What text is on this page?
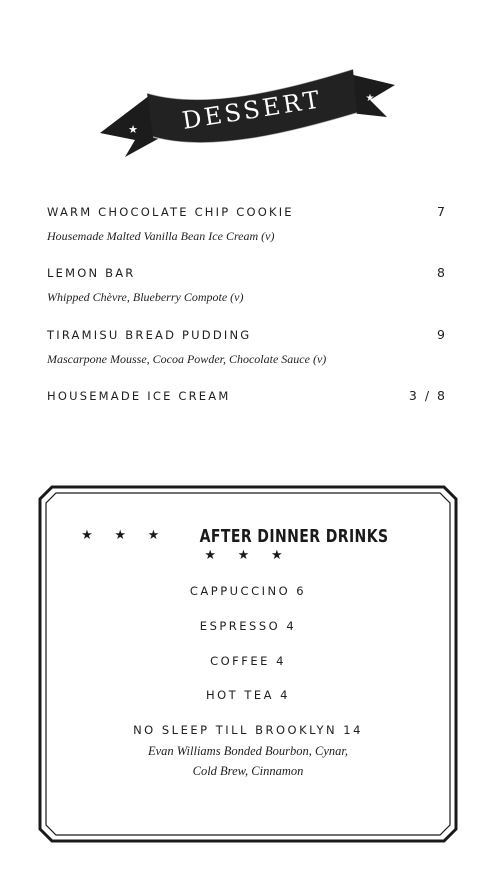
★
★
DESSERT
WARM CHOCOLATE CHIP COOKIE	7
Housemade Malted Vanilla Bean Ice Cream (v)
LEMON BAR	8
Whipped Chèvre, Blueberry Compote (v)
TIRAMISU BREAD PUDDING	9
Mascarpone Mousse, Cocoa Powder, Chocolate Sauce (v)
HOUSEMADE ICE CREAM	3 / 8
★ ★ ★ AFTER DINNER DRINKS ★ ★ ★
CAPPUCCINO 6
ESPRESSO 4
COFFEE 4
HOT TEA 4
NO SLEEP TILL BROOKLYN 14
Evan Williams Bonded Bourbon, Cynar,
Cold Brew, Cinnamon
